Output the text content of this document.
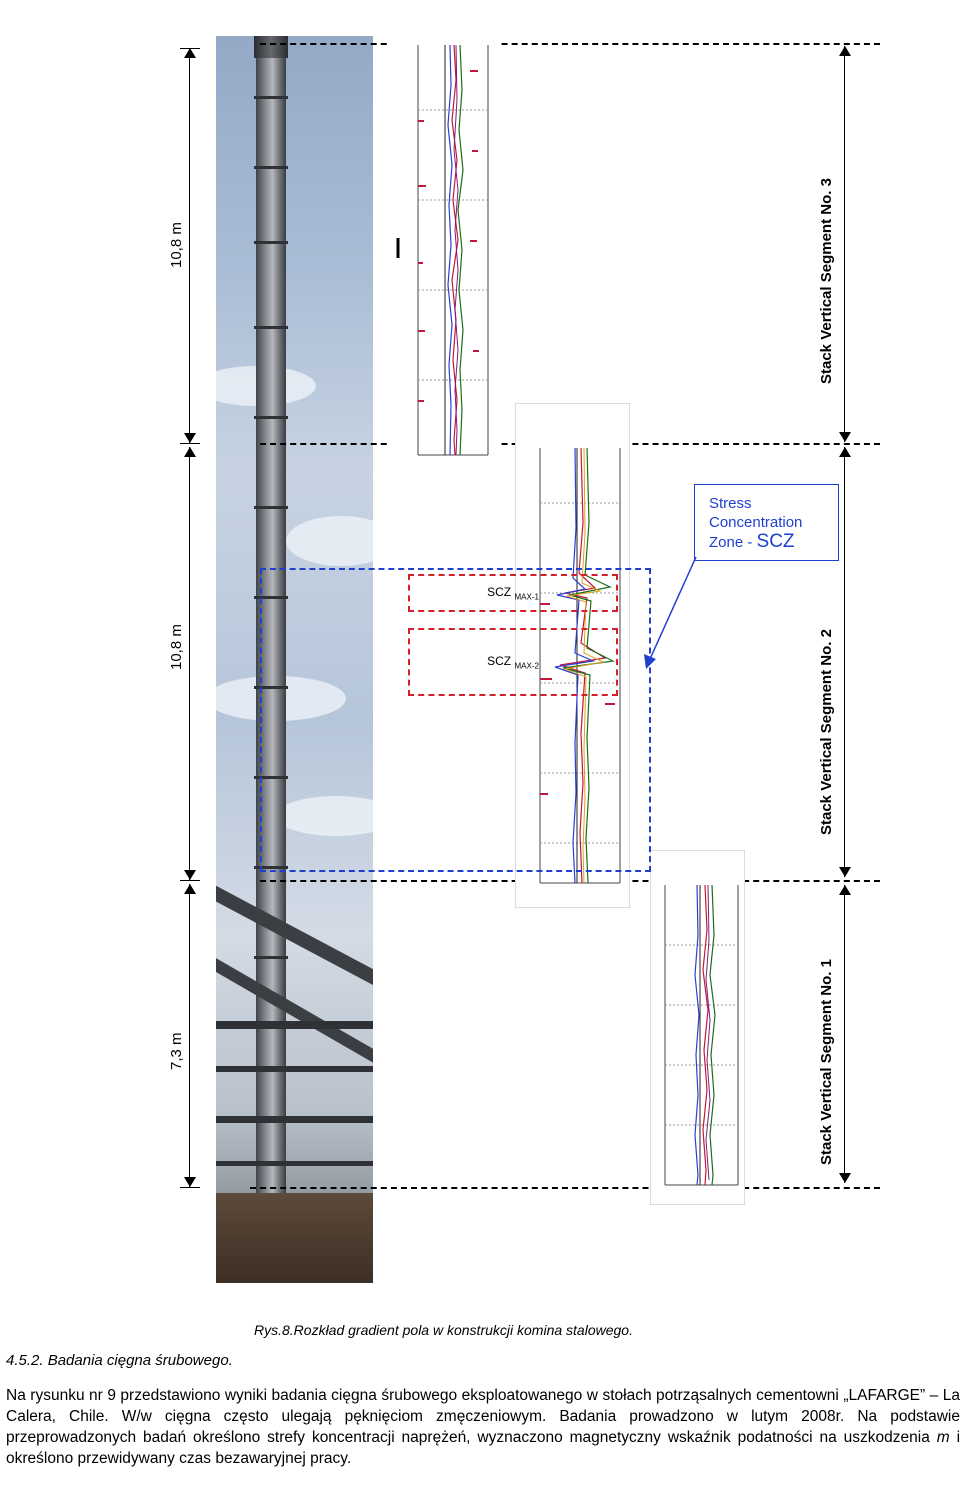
10,8 m
10,8 m
7,3 m
Stack Vertical Segment No. 3
Stack Vertical Segment No. 2
Stack Vertical Segment No. 1
SCZ $_{MAX-1}$
SCZ $_{MAX-2}$
Stress
Concentration
Zone - SCZ
Rys.8.Rozkład gradient pola w konstrukcji komina stalowego.
4.5.2. Badania cięgna śrubowego.
Na rysunku nr 9 przedstawiono wyniki badania cięgna śrubowego eksploatowanego w stołach potrząsalnych cementowni „LAFARGE” – La Calera, Chile. W/w cięgna często ulegają pęknięciom zmęczeniowym. Badania prowadzono w lutym 2008r. Na podstawie przeprowadzonych badań określono strefy koncentracji naprężeń, wyznaczono magnetyczny wskaźnik podatności na uszkodzenia m i określono przewidywany czas bezawaryjnej pracy.
